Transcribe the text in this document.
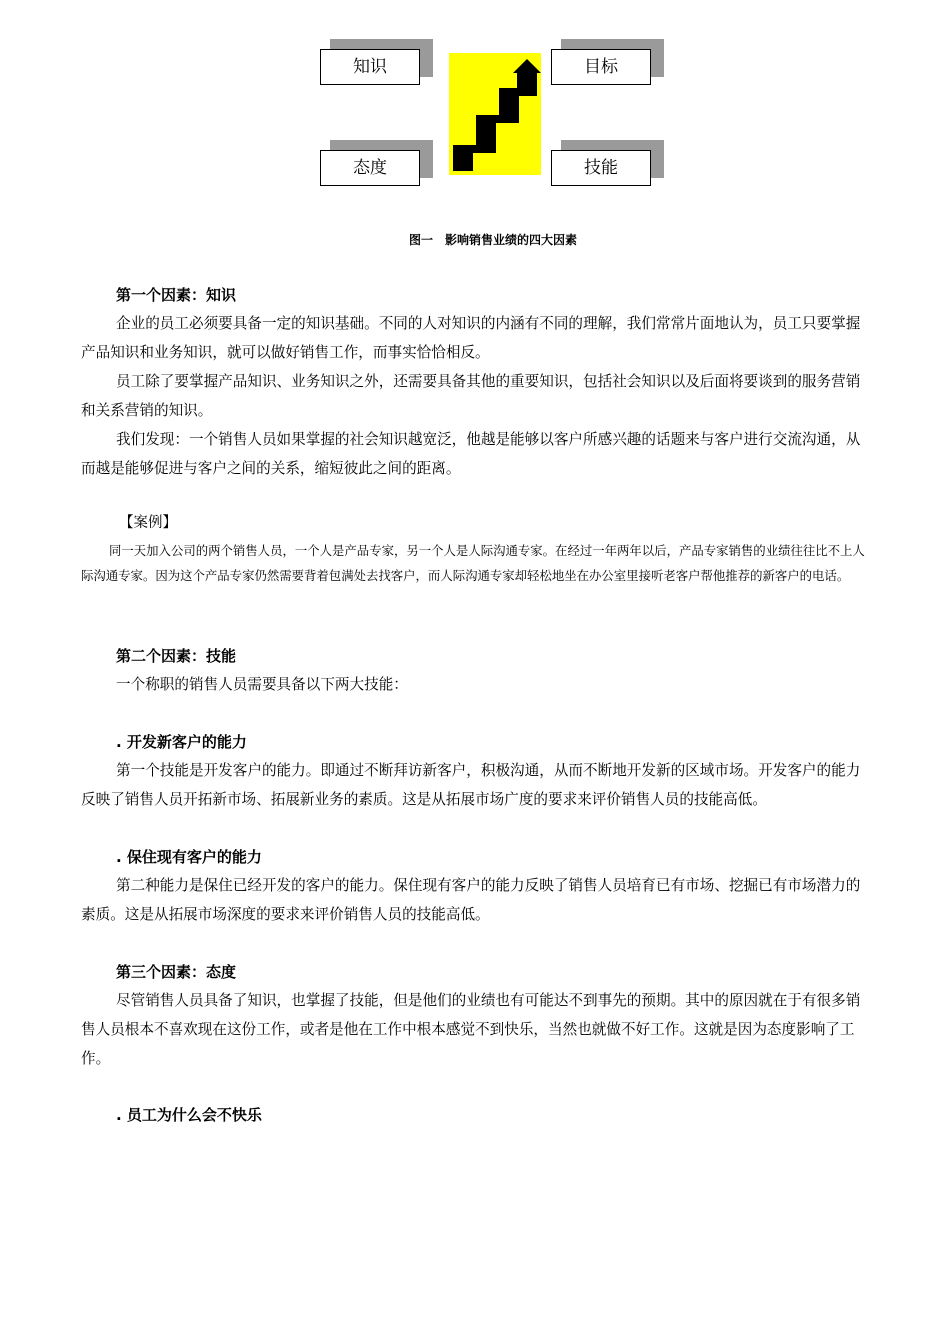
知识	目标
态度	技能
图一　影响销售业绩的四大因素
第一个因素：知识
企业的员工必须要具备一定的知识基础。不同的人对知识的内涵有不同的理解，我们常常片面地认为，员工只要掌握产品知识和业务知识，就可以做好销售工作，而事实恰恰相反。
员工除了要掌握产品知识、业务知识之外，还需要具备其他的重要知识，包括社会知识以及后面将要谈到的服务营销和关系营销的知识。
我们发现：一个销售人员如果掌握的社会知识越宽泛，他越是能够以客户所感兴趣的话题来与客户进行交流沟通，从而越是能够促进与客户之间的关系，缩短彼此之间的距离。
【案例】
同一天加入公司的两个销售人员，一个人是产品专家，另一个人是人际沟通专家。在经过一年两年以后，产品专家销售的业绩往往比不上人际沟通专家。因为这个产品专家仍然需要背着包满处去找客户，而人际沟通专家却轻松地坐在办公室里接听老客户帮他推荐的新客户的电话。
第二个因素：技能
一个称职的销售人员需要具备以下两大技能：
. 开发新客户的能力
第一个技能是开发客户的能力。即通过不断拜访新客户，积极沟通，从而不断地开发新的区域市场。开发客户的能力反映了销售人员开拓新市场、拓展新业务的素质。这是从拓展市场广度的要求来评价销售人员的技能高低。
. 保住现有客户的能力
第二种能力是保住已经开发的客户的能力。保住现有客户的能力反映了销售人员培育已有市场、挖掘已有市场潜力的素质。这是从拓展市场深度的要求来评价销售人员的技能高低。
第三个因素：态度
尽管销售人员具备了知识，也掌握了技能，但是他们的业绩也有可能达不到事先的预期。其中的原因就在于有很多销售人员根本不喜欢现在这份工作，或者是他在工作中根本感觉不到快乐，当然也就做不好工作。这就是因为态度影响了工作。
. 员工为什么会不快乐
